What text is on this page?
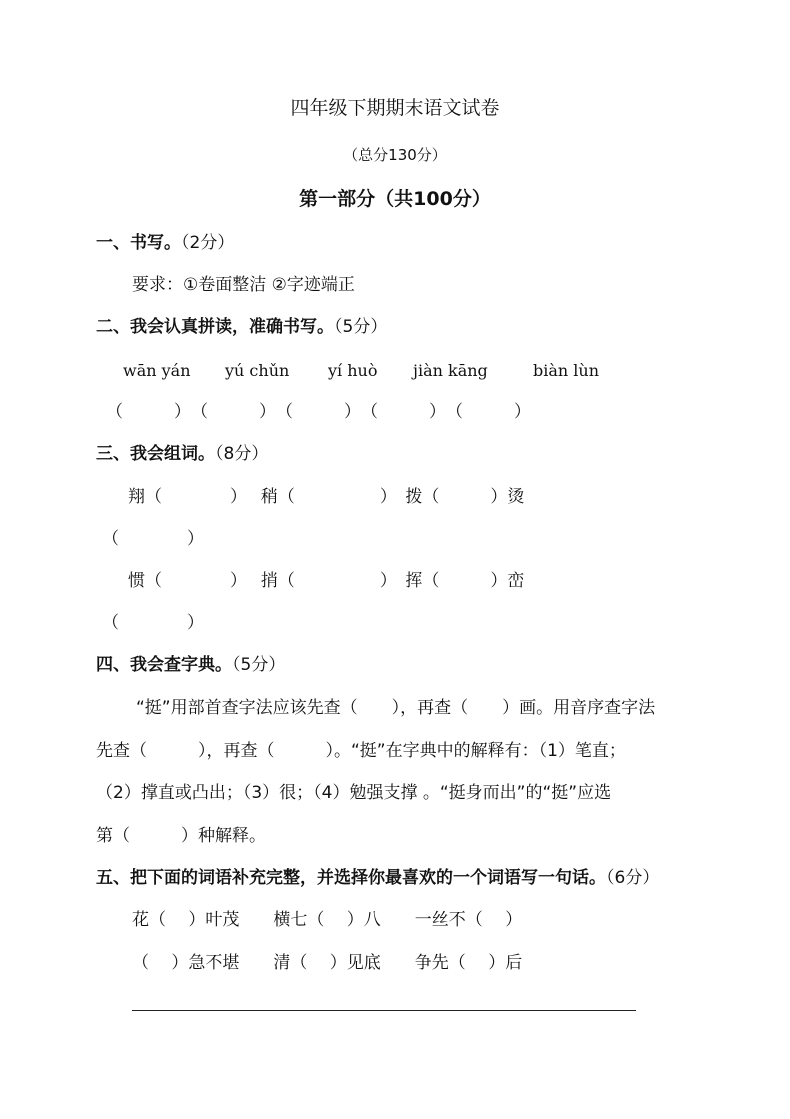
四年级下期期末语文试卷
（总分130分）
第一部分（共100分）
一、书写。（2分）
要求：①卷面整洁 ②字迹端正
二、我会认真拼读，准确书写。（5分）
wān yán yú chǔn yí huò jiàn kāng	biàn lùn
（　　　）　（　　　）　（　　　）　（　　　）　（　　　）
三、我会组词。（8分）
翔（　　　　）　 稍（　　　　　）　拨（　　　）烫
（　　　　）
惯（　　　　）　 捎（　　　　　）　挥（　　　）峦
（　　　　）
四、我会查字典。（5分）
“挺”用部首查字法应该先查（　　），再查（　　）画。用音序查字法
先查（　　　），再查（　　　）。“挺”在字典中的解释有：（1）笔直；
（2）撑直或凸出；（3）很；（4）勉强支撑 。“挺身而出”的“挺”应选
第（　　　）种解释。
五、把下面的词语补充完整，并选择你最喜欢的一个词语写一句话。（6分）
花（　 ）叶茂　　横七（　 ）八　　一丝不（　 ）
（　 ）急不堪　　清（　 ）见底　　争先（　 ）后
